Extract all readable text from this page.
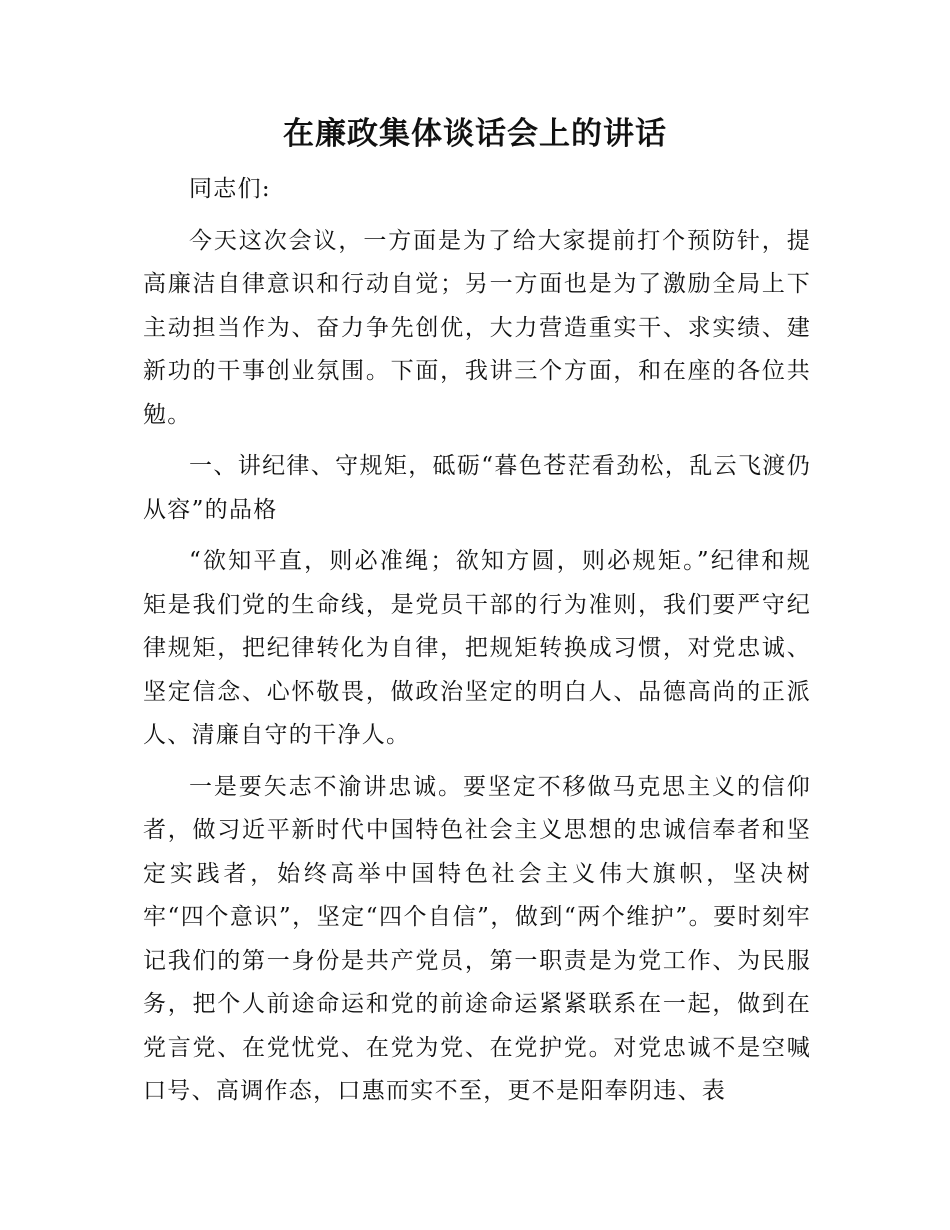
在廉政集体谈话会上的讲话

同志们:

今天这次会议，一方面是为了给大家提前打个预防针，提高廉洁自律意识和行动自觉；另一方面也是为了激励全局上下主动担当作为、奋力争先创优，大力营造重实干、求实绩、建新功的干事创业氛围。下面，我讲三个方面，和在座的各位共勉。

一、讲纪律、守规矩，砥砺“暮色苍茫看劲松，乱云飞渡仍从容”的品格

“欲知平直，则必准绳；欲知方圆，则必规矩。”纪律和规矩是我们党的生命线，是党员干部的行为准则，我们要严守纪律规矩，把纪律转化为自律，把规矩转换成习惯，对党忠诚、坚定信念、心怀敬畏，做政治坚定的明白人、品德高尚的正派人、清廉自守的干净人。

一是要矢志不渝讲忠诚。要坚定不移做马克思主义的信仰者，做习近平新时代中国特色社会主义思想的忠诚信奉者和坚定实践者，始终高举中国特色社会主义伟大旗帜，坚决树牢“四个意识”，坚定“四个自信”，做到“两个维护”。要时刻牢记我们的第一身份是共产党员，第一职责是为党工作、为民服务，把个人前途命运和党的前途命运紧紧联系在一起，做到在党言党、在党忧党、在党为党、在党护党。对党忠诚不是空喊口号、高调作态，口惠而实不至，更不是阳奉阴违、表
